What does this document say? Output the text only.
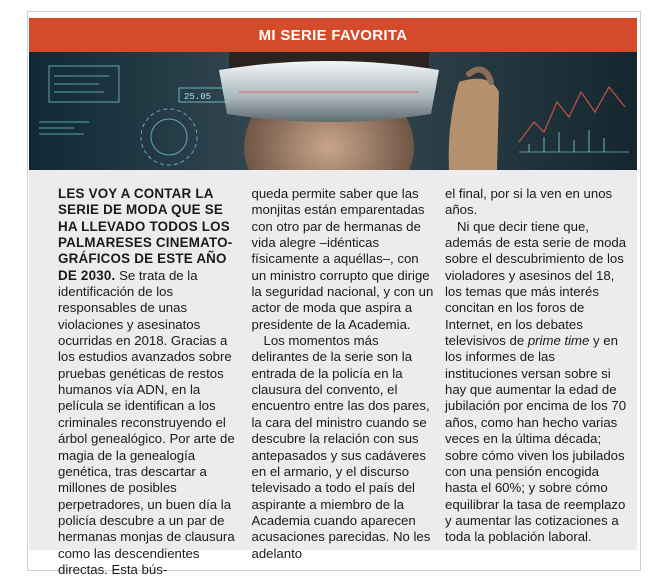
MI SERIE FAVORITA
25.05

LES VOY A CONTAR LA SERIE DE MODA QUE SE HA LLEVADO TODOS LOS PALMARESES CINEMATOGRÁFICOS DE ESTE AÑO DE 2030. Se trata de la identificación de los responsables de unas violaciones y asesinatos ocurridas en 2018. Gracias a los estudios avanzados sobre pruebas genéticas de restos humanos vía ADN, en la película se identifican a los criminales reconstruyendo el árbol genealógico. Por arte de magia de la genealogía genética, tras descartar a millones de posibles perpetradores, un buen día la policía descubre a un par de hermanas monjas de clausura como las descendientes directas. Esta bús-

queda permite saber que las monjitas están emparentadas con otro par de hermanas de vida alegre –idénticas físicamente a aquéllas–, con un ministro corrupto que dirige la seguridad nacional, y con un actor de moda que aspira a presidente de la Academia.

Los momentos más delirantes de la serie son la entrada de la policía en la clausura del convento, el encuentro entre las dos pares, la cara del ministro cuando se descubre la relación con sus antepasados y sus cadáveres en el armario, y el discurso televisado a todo el país del aspirante a miembro de la Academia cuando aparecen acusaciones parecidas. No les adelanto

el final, por si la ven en unos años.

Ni que decir tiene que, además de esta serie de moda sobre el descubrimiento de los violadores y asesinos del 18, los temas que más interés concitan en los foros de Internet, en los debates televisivos de prime time y en los informes de las instituciones versan sobre si hay que aumentar la edad de jubilación por encima de los 70 años, como han hecho varias veces en la última década; sobre cómo viven los jubilados con una pensión encogida hasta el 60%; y sobre cómo equilibrar la tasa de reemplazo y aumentar las cotizaciones a toda la población laboral.
